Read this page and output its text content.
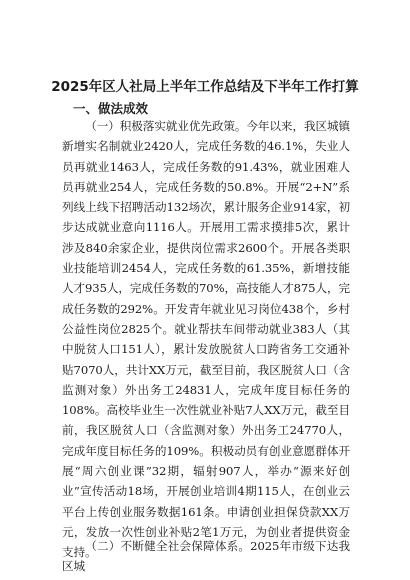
2025年区人社局上半年工作总结及下半年工作打算
一、做法成效

（一）积极落实就业优先政策。今年以来，我区城镇新增实名制就业2420人，完成任务数的46.1%，失业人员再就业1463人，完成任务数的91.43%，就业困难人员再就业254人，完成任务数的50.8%。开展“2+N”系列线上线下招聘活动132场次，累计服务企业914家，初步达成就业意向1116人。开展用工需求摸排5次，累计涉及840余家企业，提供岗位需求2600个。开展各类职业技能培训2454人，完成任务数的61.35%，新增技能人才935人，完成任务数的70%，高技能人才875人，完成任务数的292%。开发青年就业见习岗位438个，乡村公益性岗位2825个。就业帮扶车间带动就业383人（其中脱贫人口151人），累计发放脱贫人口跨省务工交通补贴7070人，共计XX万元，截至目前，我区脱贫人口（含监测对象）外出务工24831人，完成年度目标任务的108%。高校毕业生一次性就业补贴7人XX万元，截至目前，我区脱贫人口（含监测对象）外出务工24770人，完成年度目标任务的109%。积极动员有创业意愿群体开展“周六创业课”32期，辐射907人，举办“源来好创业”宣传活动18场，开展创业培训4期115人，在创业云平台上传创业服务数据161条。申请创业担保贷款XX万元，发放一次性创业补贴2笔1万元，为创业者提供资金支持。

（二）不断健全社会保障体系。2025年市级下达我区城
